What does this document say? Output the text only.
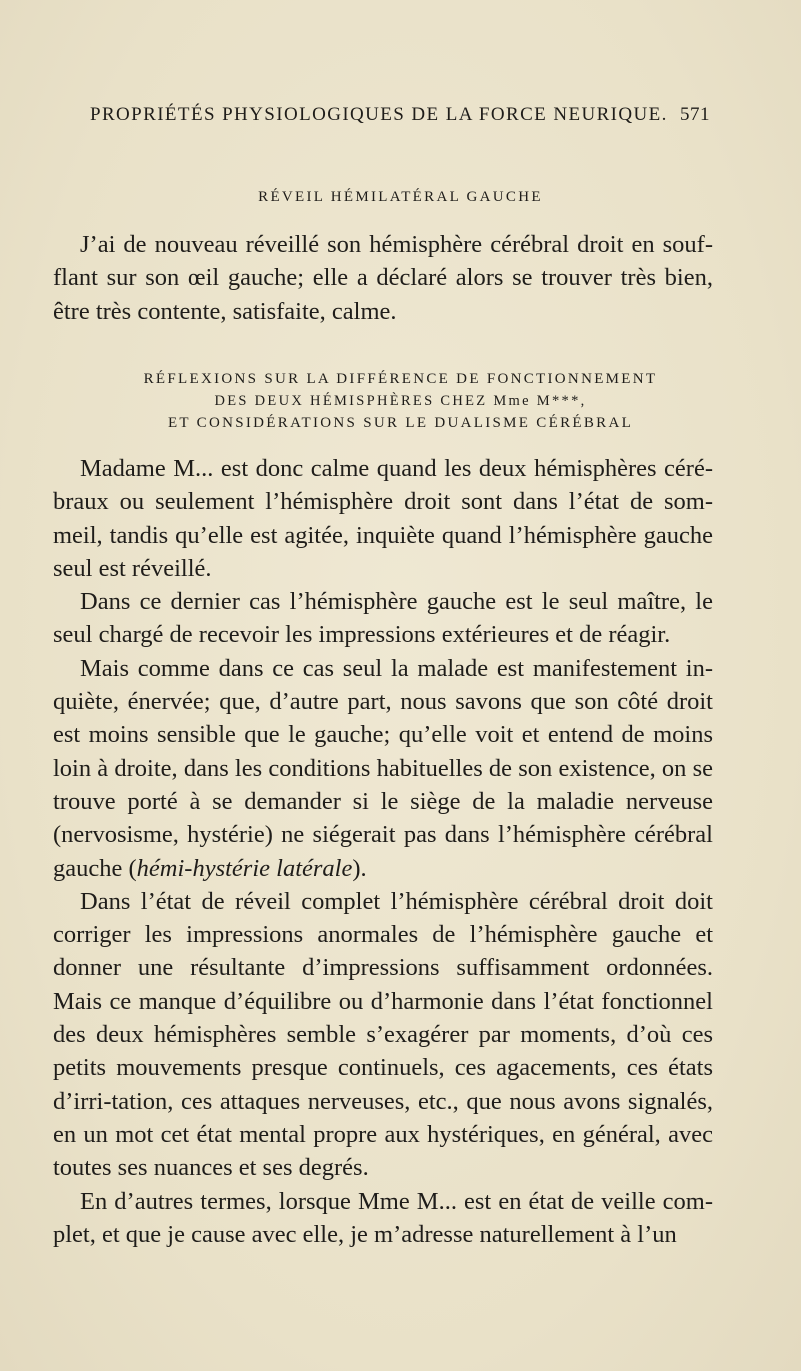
PROPRIÉTÉS PHYSIOLOGIQUES DE LA FORCE NEURIQUE. 571
RÉVEIL HÉMILATÉRAL GAUCHE

J’ai de nouveau réveillé son hémisphère cérébral droit en souf-flant sur son œil gauche; elle a déclaré alors se trouver très bien, être très contente, satisfaite, calme.

RÉFLEXIONS SUR LA DIFFÉRENCE DE FONCTIONNEMENT
DES DEUX HÉMISPHÈRES CHEZ Mme M***,
ET CONSIDÉRATIONS SUR LE DUALISME CÉRÉBRAL

Madame M... est donc calme quand les deux hémisphères céré-braux ou seulement l’hémisphère droit sont dans l’état de som-meil, tandis qu’elle est agitée, inquiète quand l’hémisphère gauche seul est réveillé.

Dans ce dernier cas l’hémisphère gauche est le seul maître, le seul chargé de recevoir les impressions extérieures et de réagir.

Mais comme dans ce cas seul la malade est manifestement in-quiète, énervée; que, d’autre part, nous savons que son côté droit est moins sensible que le gauche; qu’elle voit et entend de moins loin à droite, dans les conditions habituelles de son existence, on se trouve porté à se demander si le siège de la maladie nerveuse (nervosisme, hystérie) ne siégerait pas dans l’hémisphère cérébral gauche (hémi-hystérie latérale).

Dans l’état de réveil complet l’hémisphère cérébral droit doit corriger les impressions anormales de l’hémisphère gauche et donner une résultante d’impressions suffisamment ordonnées. Mais ce manque d’équilibre ou d’harmonie dans l’état fonctionnel des deux hémisphères semble s’exagérer par moments, d’où ces petits mouvements presque continuels, ces agacements, ces états d’irri-tation, ces attaques nerveuses, etc., que nous avons signalés, en un mot cet état mental propre aux hystériques, en général, avec toutes ses nuances et ses degrés.

En d’autres termes, lorsque Mme M... est en état de veille com-plet, et que je cause avec elle, je m’adresse naturellement à l’un
